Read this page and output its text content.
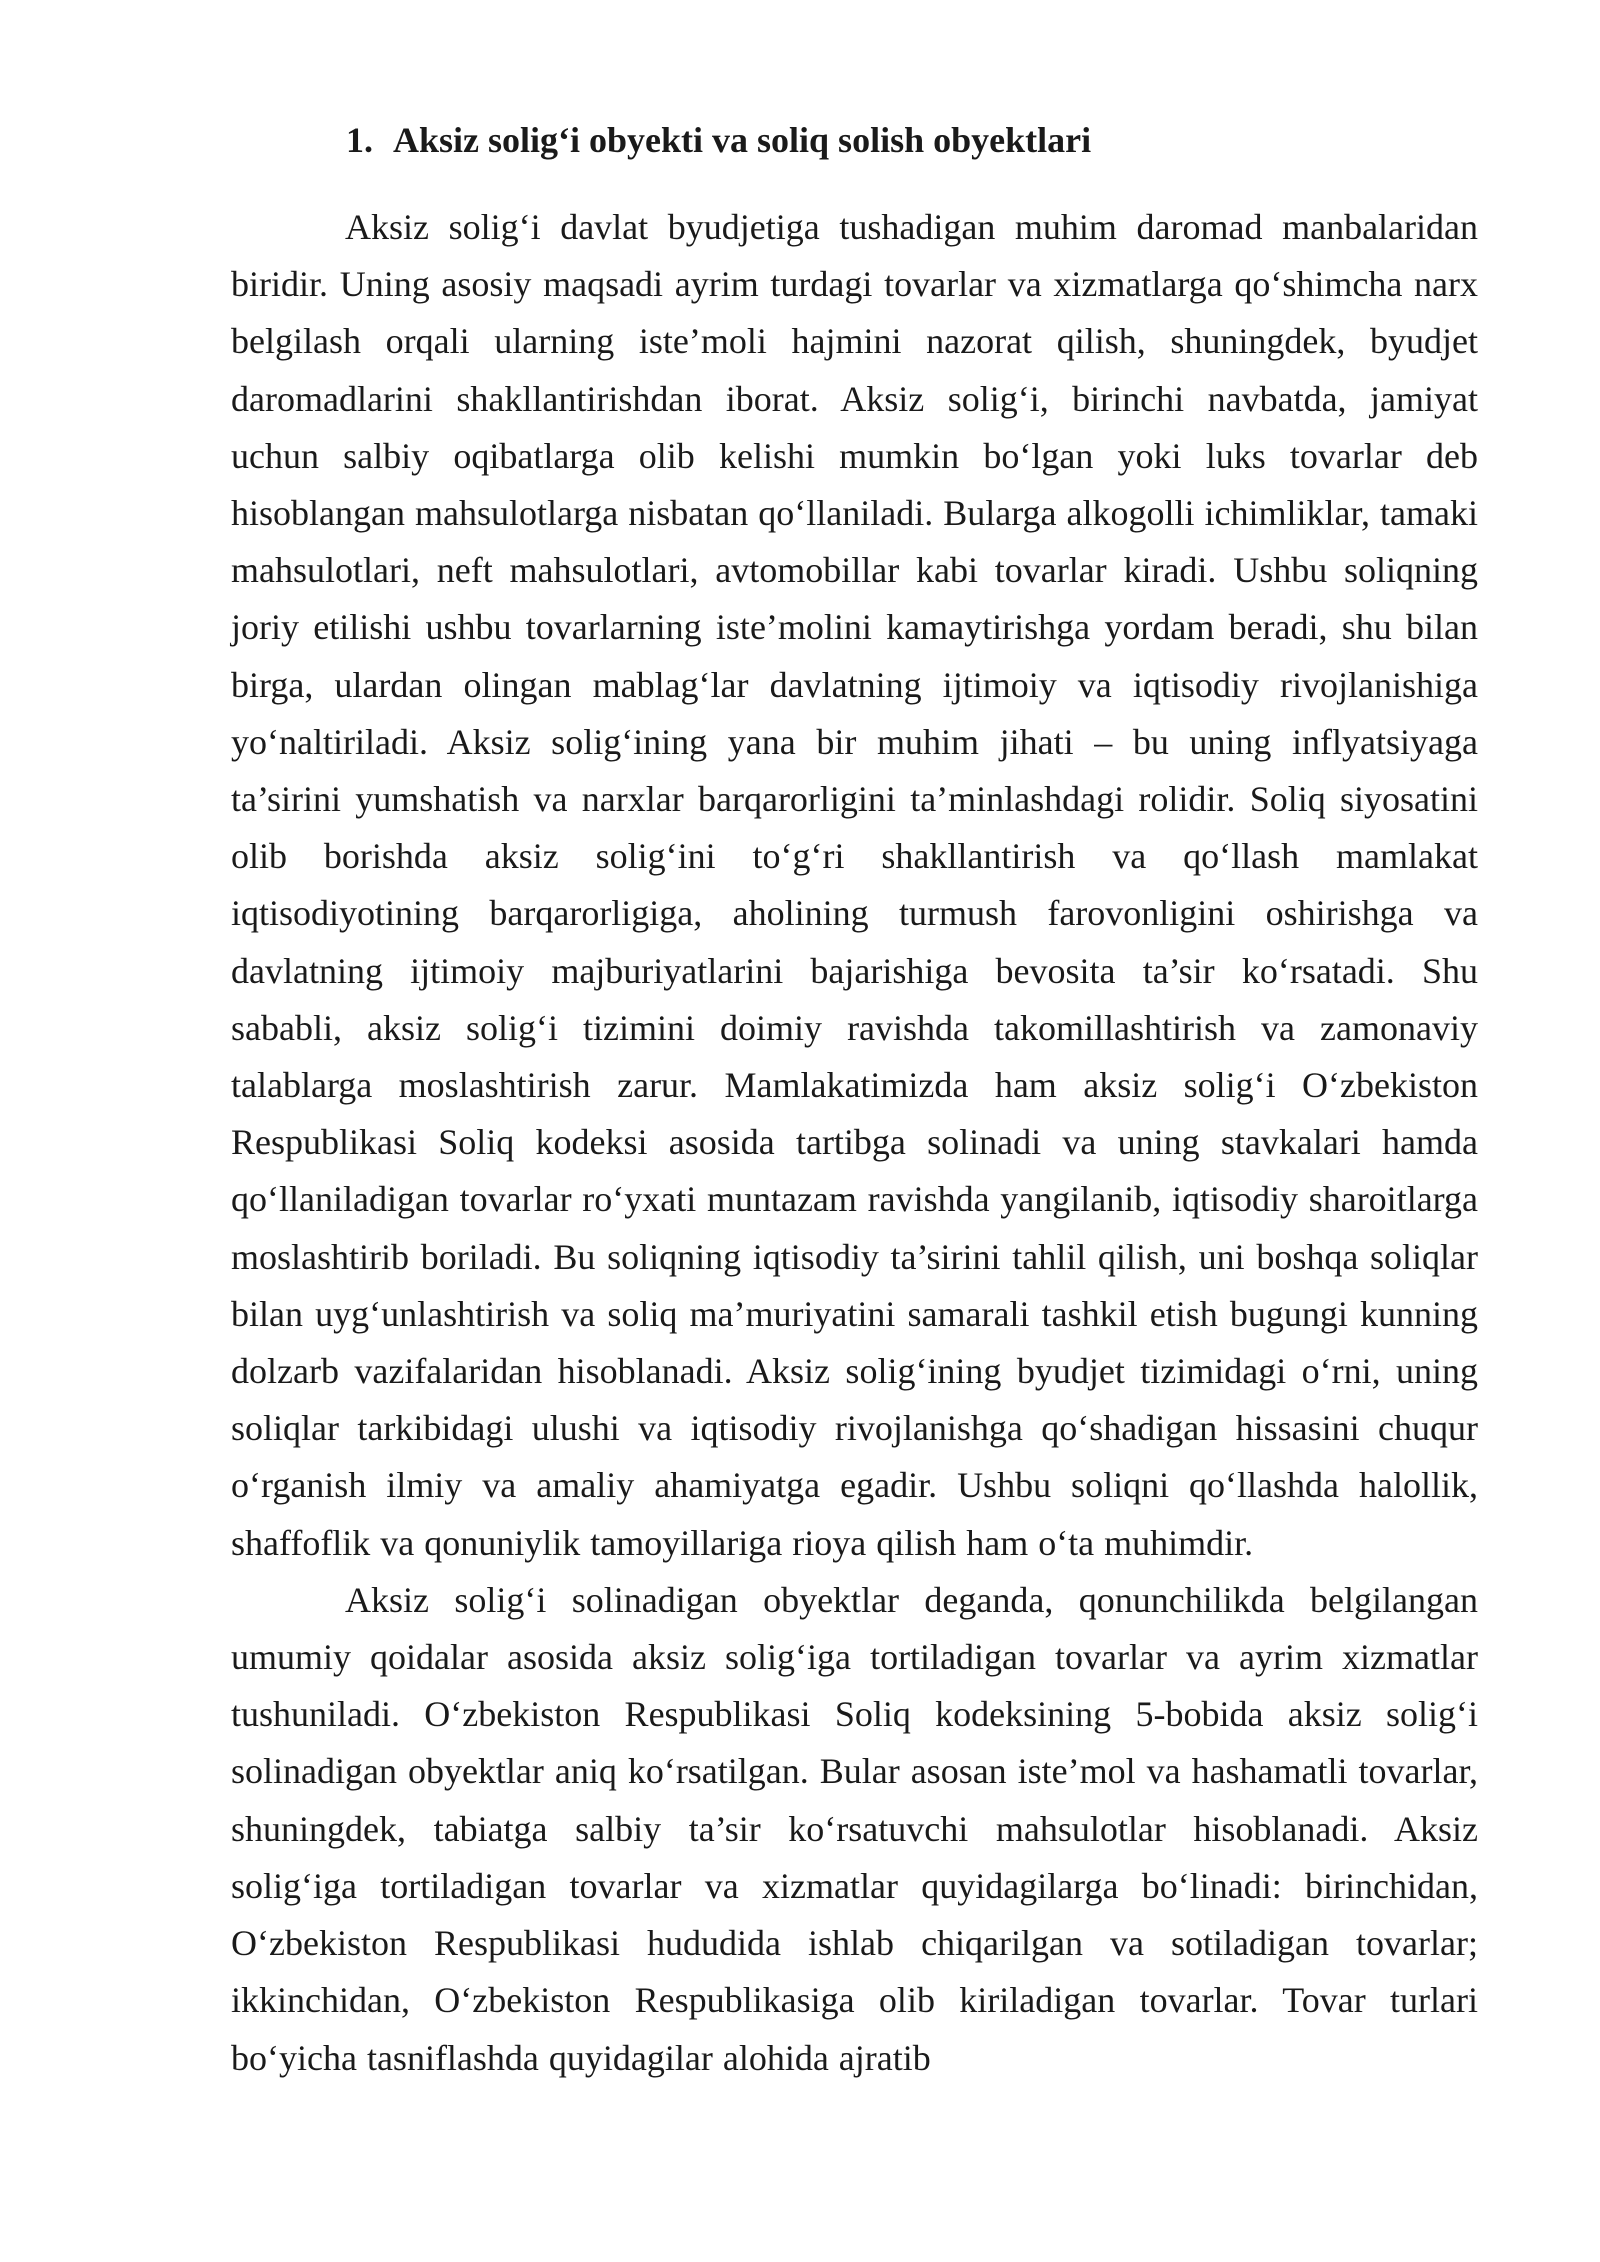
1. Aksiz solig‘i obyekti va soliq solish obyektlari

Aksiz solig‘i davlat byudjetiga tushadigan muhim daromad manbalaridan biridir. Uning asosiy maqsadi ayrim turdagi tovarlar va xizmatlarga qo‘shimcha narx belgilash orqali ularning iste’moli hajmini nazorat qilish, shuningdek, byudjet daromadlarini shakllantirishdan iborat. Aksiz solig‘i, birinchi navbatda, jamiyat uchun salbiy oqibatlarga olib kelishi mumkin bo‘lgan yoki luks tovarlar deb hisoblangan mahsulotlarga nisbatan qo‘llaniladi. Bularga alkogolli ichimliklar, tamaki mahsulotlari, neft mahsulotlari, avtomobillar kabi tovarlar kiradi. Ushbu soliqning joriy etilishi ushbu tovarlarning iste’molini kamaytirishga yordam beradi, shu bilan birga, ulardan olingan mablag‘lar davlatning ijtimoiy va iqtisodiy rivojlanishiga yo‘naltiriladi. Aksiz solig‘ining yana bir muhim jihati – bu uning inflyatsiyaga ta’sirini yumshatish va narxlar barqarorligini ta’minlashdagi rolidir. Soliq siyosatini olib borishda aksiz solig‘ini to‘g‘ri shakllantirish va qo‘llash mamlakat iqtisodiyotining barqarorligiga, aholining turmush farovonligini oshirishga va davlatning ijtimoiy majburiyatlarini bajarishiga bevosita ta’sir ko‘rsatadi. Shu sababli, aksiz solig‘i tizimini doimiy ravishda takomillashtirish va zamonaviy talablarga moslashtirish zarur. Mamlakatimizda ham aksiz solig‘i O‘zbekiston Respublikasi Soliq kodeksi asosida tartibga solinadi va uning stavkalari hamda qo‘llaniladigan tovarlar ro‘yxati muntazam ravishda yangilanib, iqtisodiy sharoitlarga moslashtirib boriladi. Bu soliqning iqtisodiy ta’sirini tahlil qilish, uni boshqa soliqlar bilan uyg‘unlashtirish va soliq ma’muriyatini samarali tashkil etish bugungi kunning dolzarb vazifalaridan hisoblanadi. Aksiz solig‘ining byudjet tizimidagi o‘rni, uning soliqlar tarkibidagi ulushi va iqtisodiy rivojlanishga qo‘shadigan hissasini chuqur o‘rganish ilmiy va amaliy ahamiyatga egadir. Ushbu soliqni qo‘llashda halollik, shaffoflik va qonuniylik tamoyillariga rioya qilish ham o‘ta muhimdir.

Aksiz solig‘i solinadigan obyektlar deganda, qonunchilikda belgilangan umumiy qoidalar asosida aksiz solig‘iga tortiladigan tovarlar va ayrim xizmatlar tushuniladi. O‘zbekiston Respublikasi Soliq kodeksining 5-bobida aksiz solig‘i solinadigan obyektlar aniq ko‘rsatilgan. Bular asosan iste’mol va hashamatli tovarlar, shuningdek, tabiatga salbiy ta’sir ko‘rsatuvchi mahsulotlar hisoblanadi. Aksiz solig‘iga tortiladigan tovarlar va xizmatlar quyidagilarga bo‘linadi: birinchidan, O‘zbekiston Respublikasi hududida ishlab chiqarilgan va sotiladigan tovarlar; ikkinchidan, O‘zbekiston Respublikasiga olib kiriladigan tovarlar. Tovar turlari bo‘yicha tasniflashda quyidagilar alohida ajratib
